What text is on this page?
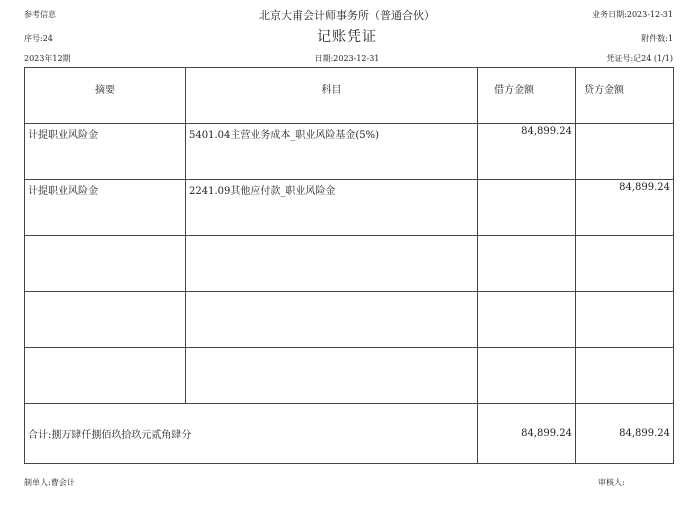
参考信息	北京大甫会计师事务所（普通合伙）	业务日期:2023-12-31
序号:24	记账凭证	附件数:1
2023年12期	日期:2023-12-31	凭证号:记24 (1/1)
摘要	科目	借方金额	贷方金额
计提职业风险金	5401.04主营业务成本_职业风险基金(5%)	84,899.24	
计提职业风险金	2241.09其他应付款_职业风险金		84,899.24

合计:捌万肆仟捌佰玖拾玖元贰角肆分		84,899.24	84,899.24
制单人:曹会计	审核人:
